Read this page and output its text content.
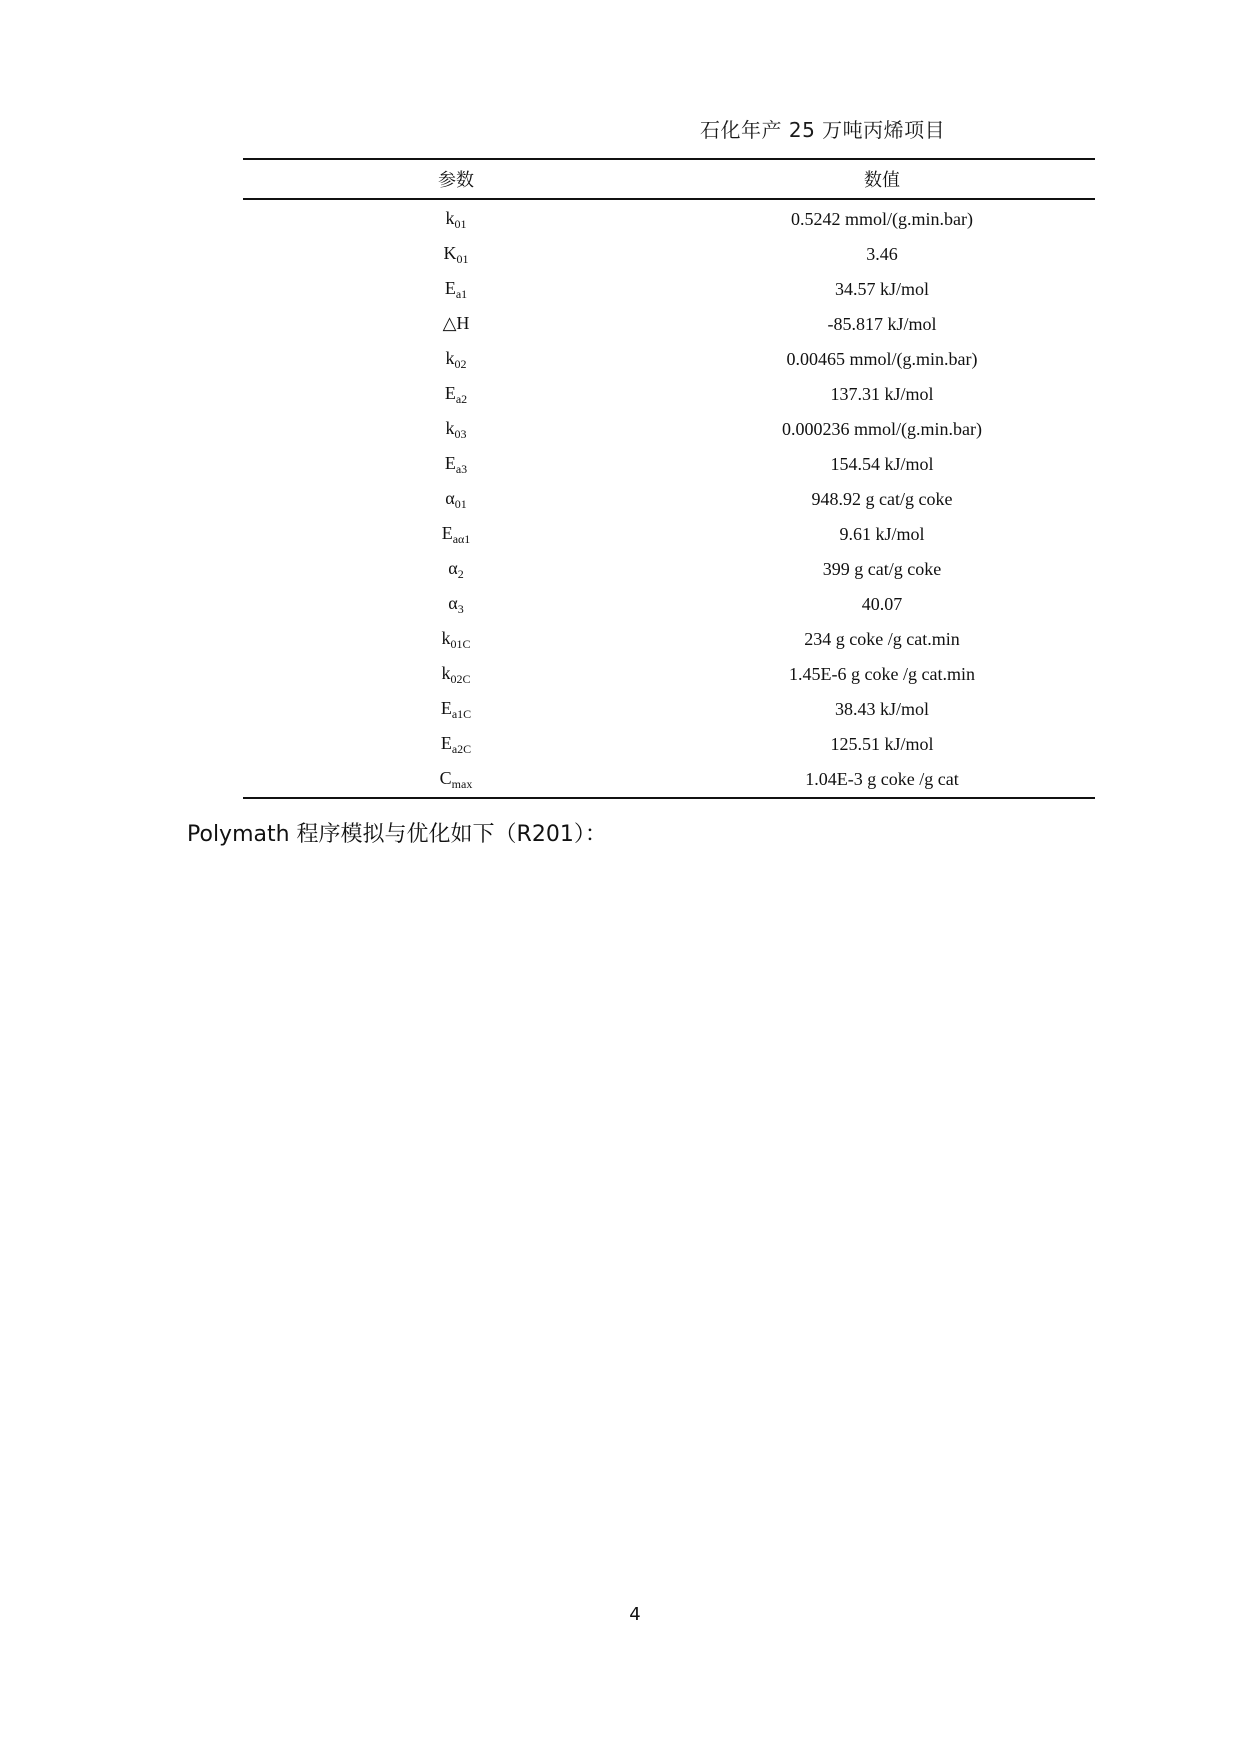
石化年产 25 万吨丙烯项目
参数	数值
$k_{01}$	0.5242 mmol/(g.min.bar)
$K_{01}$	3.46
$E_{a1}$	34.57 kJ/mol
△H	-85.817 kJ/mol
$k_{02}$	0.00465 mmol/(g.min.bar)
$E_{a2}$	137.31 kJ/mol
$k_{03}$	0.000236 mmol/(g.min.bar)
$E_{a3}$	154.54 kJ/mol
$\alpha_{01}$	948.92 g cat/g coke
$E_{a\alpha 1}$	9.61 kJ/mol
$\alpha_2$	399 g cat/g coke
$\alpha_3$	40.07
$k_{01C}$	234 g coke /g cat.min
$k_{02C}$	1.45E-6 g coke /g cat.min
$E_{a1C}$	38.43 kJ/mol
$E_{a2C}$	125.51 kJ/mol
$C_{max}$	1.04E-3 g coke /g cat
Polymath 程序模拟与优化如下（R201）：
4
